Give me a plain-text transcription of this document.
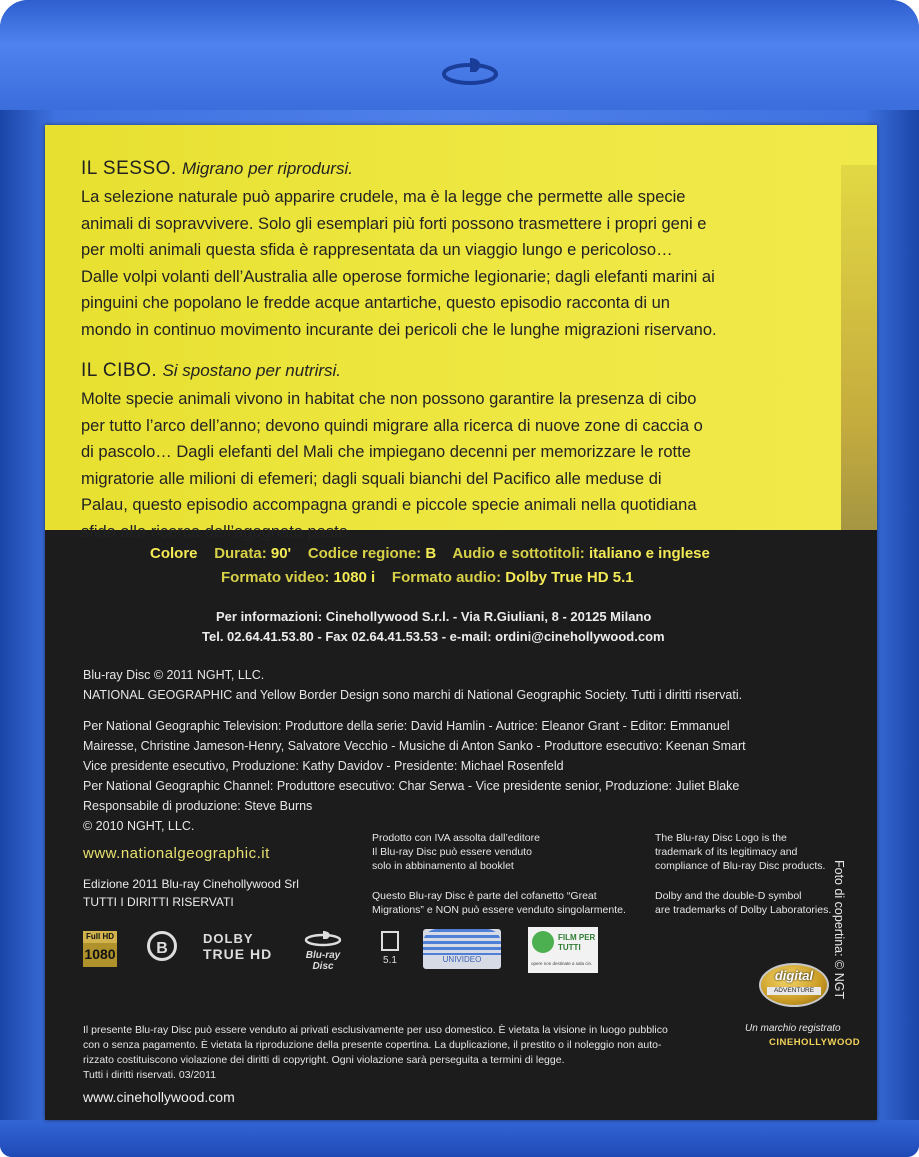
IL SESSO. Migrano per riprodursi.

La selezione naturale può apparire crudele, ma è la legge che permette alle specie
animali di sopravvivere. Solo gli esemplari più forti possono trasmettere i propri geni e
per molti animali questa sfida è rappresentata da un viaggio lungo e pericoloso…
Dalle volpi volanti dell’Australia alle operose formiche legionarie; dagli elefanti marini ai
pinguini che popolano le fredde acque antartiche, questo episodio racconta di un
mondo in continuo movimento incurante dei pericoli che le lunghe migrazioni riservano.

IL CIBO. Si spostano per nutrirsi.

Molte specie animali vivono in habitat che non possono garantire la presenza di cibo
per tutto l’arco dell’anno; devono quindi migrare alla ricerca di nuove zone di caccia o
di pascolo… Dagli elefanti del Mali che impiegano decenni per memorizzare le rotte
migratorie alle milioni di efemeri; dagli squali bianchi del Pacifico alle meduse di
Palau, questo episodio accompagna grandi e piccole specie animali nella quotidiana
sfida alla ricerca dell’agognato pasto.

Colore Durata: 90' Codice regione: B Audio e sottotitoli: italiano e inglese
Formato video: 1080 i Formato audio: Dolby True HD 5.1
Per informazioni: Cinehollywood S.r.l. - Via R.Giuliani, 8 - 20125 Milano
Tel. 02.64.41.53.80 - Fax 02.64.41.53.53 - e-mail: ordini@cinehollywood.com
Blu-ray Disc © 2011 NGHT, LLC.
NATIONAL GEOGRAPHIC and Yellow Border Design sono marchi di National Geographic Society. Tutti i diritti riservati.
Per National Geographic Television: Produttore della serie: David Hamlin - Autrice: Eleanor Grant - Editor: Emmanuel
Mairesse, Christine Jameson-Henry, Salvatore Vecchio - Musiche di Anton Sanko - Produttore esecutivo: Keenan Smart
Vice presidente esecutivo, Produzione: Kathy Davidov - Presidente: Michael Rosenfeld
Per National Geographic Channel: Produttore esecutivo: Char Serwa - Vice presidente senior, Produzione: Juliet Blake
Responsabile di produzione: Steve Burns
© 2010 NGHT, LLC.
www.nationalgeographic.it
Edizione 2011 Blu-ray Cinehollywood Srl
TUTTI I DIRITTI RISERVATI
Prodotto con IVA assolta dall’editore
Il Blu-ray Disc può essere venduto
solo in abbinamento al booklet
Questo Blu-ray Disc è parte del cofanetto “Great
Migrations” e NON può essere venduto singolarmente.
The Blu-ray Disc Logo is the
trademark of its legitimacy and
compliance of Blu-ray Disc products.
Dolby and the double-D symbol
are trademarks of Dolby Laboratories.
Full HD
1080	B
DOLBY
TRUE HD	Blu-ray Disc
5.1	UNIVIDEO
FILM PER
TUTTI
opere non destinate a sala cin.
digital
ADVENTURE
Un marchio registrato
CINEHOLLYWOOD
Il presente Blu-ray Disc può essere venduto ai privati esclusivamente per uso domestico. È vietata la visione in luogo pubblico
con o senza pagamento. È vietata la riproduzione della presente copertina. La duplicazione, il prestito o il noleggio non auto-
rizzato costituiscono violazione dei diritti di copyright. Ogni violazione sarà perseguita a termini di legge.
Tutti i diritti riservati. 03/2011
www.cinehollywood.com
Foto di copertina: © NGT
